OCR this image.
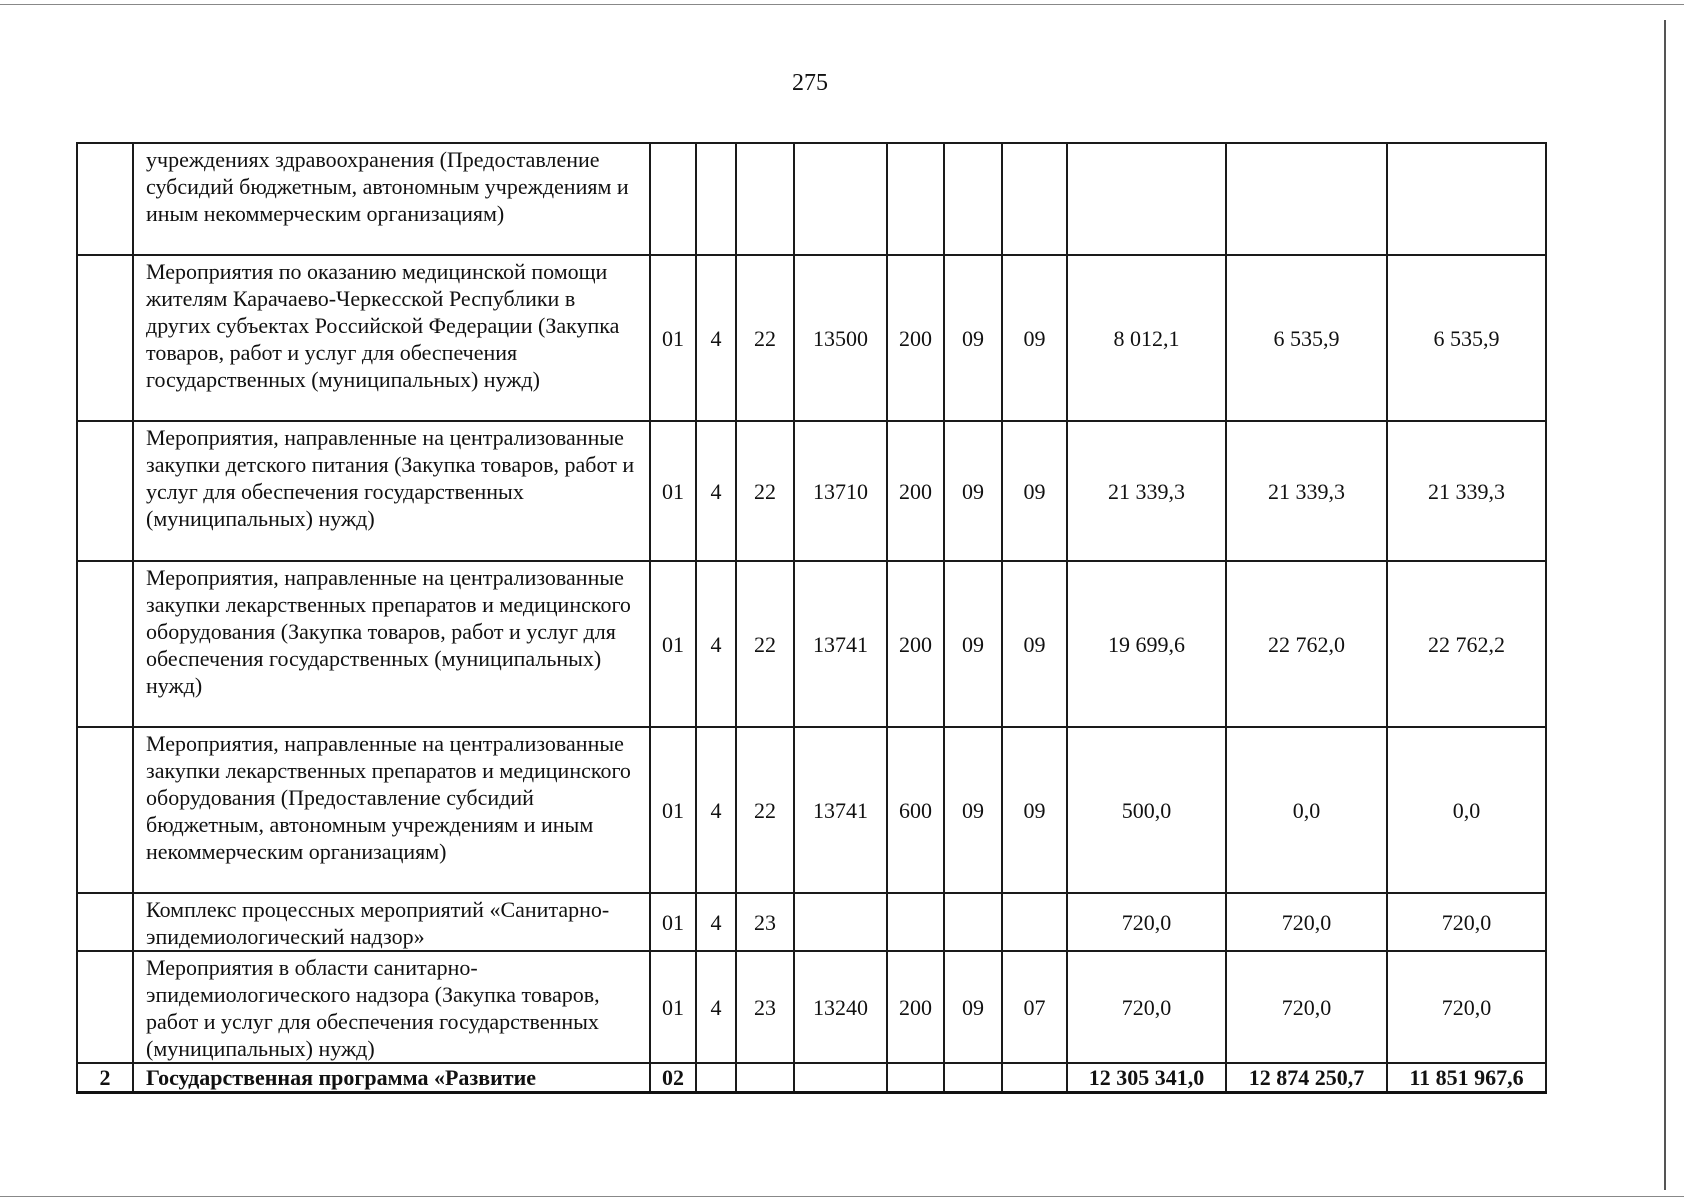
275
	учреждениях здравоохранения (Предоставление субсидий бюджетным, автономным учреждениям и иным некоммерческим организациям)										
	Мероприятия по оказанию медицинской помощи жителям Карачаево-Черкесской Республики в других субъектах Российской Федерации (Закупка товаров, работ и услуг для обеспечения государственных (муниципальных) нужд)	01	4	22	13500	200	09	09	8 012,1	6 535,9	6 535,9
	Мероприятия, направленные на централизованные закупки детского питания (Закупка товаров, работ и услуг для обеспечения государственных (муниципальных) нужд)	01	4	22	13710	200	09	09	21 339,3	21 339,3	21 339,3
	Мероприятия, направленные на централизованные закупки лекарственных препаратов и медицинского оборудования (Закупка товаров, работ и услуг для обеспечения государственных (муниципальных) нужд)	01	4	22	13741	200	09	09	19 699,6	22 762,0	22 762,2
	Мероприятия, направленные на централизованные закупки лекарственных препаратов и медицинского оборудования (Предоставление субсидий бюджетным, автономным учреждениям и иным некоммерческим организациям)	01	4	22	13741	600	09	09	500,0	0,0	0,0
	Комплекс процессных мероприятий «Санитарно-эпидемиологический надзор»	01	4	23					720,0	720,0	720,0
	Мероприятия в области санитарно-эпидемиологического надзора (Закупка товаров, работ и услуг для обеспечения государственных (муниципальных) нужд)	01	4	23	13240	200	09	07	720,0	720,0	720,0
2	Государственная программа «Развитие	02							12 305 341,0	12 874 250,7	11 851 967,6
